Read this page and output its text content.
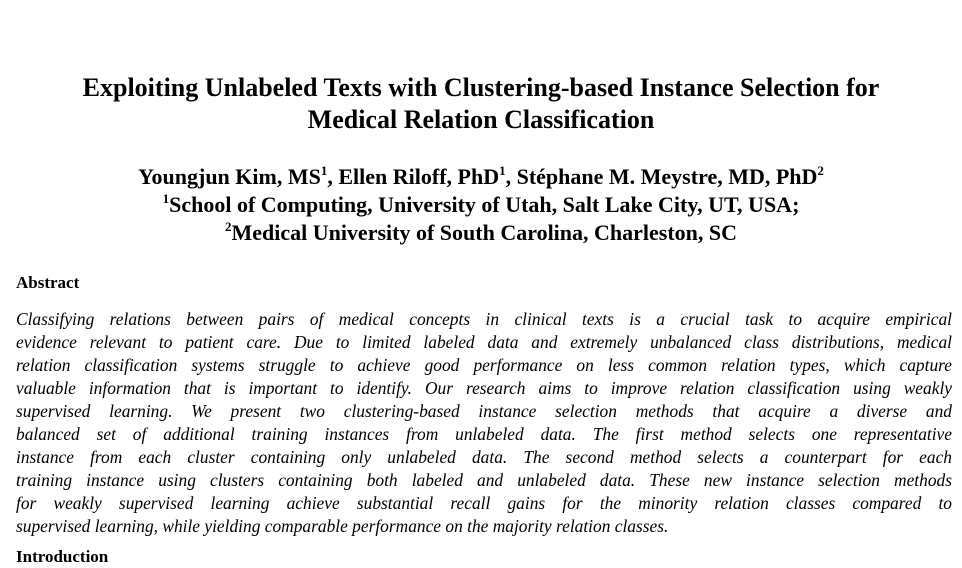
Exploiting Unlabeled Texts with Clustering-based Instance Selection for
Medical Relation Classification
Youngjun Kim, $MS^1$, Ellen Riloff, PhD$^1$, Stéphane M. Meystre, MD, PhD$^2$
$^1$School of Computing, University of Utah, Salt Lake City, UT, USA;
$^2$Medical University of South Carolina, Charleston, SC
Abstract
Classifying relations between pairs of medical concepts in clinical texts is a crucial task to acquire empirical
evidence relevant to patient care. Due to limited labeled data and extremely unbalanced class distributions, medical
relation classification systems struggle to achieve good performance on less common relation types, which capture
valuable information that is important to identify. Our research aims to improve relation classification using weakly
supervised learning. We present two clustering-based instance selection methods that acquire a diverse and
balanced set of additional training instances from unlabeled data. The first method selects one representative
instance from each cluster containing only unlabeled data. The second method selects a counterpart for each
training instance using clusters containing both labeled and unlabeled data. These new instance selection methods
for weakly supervised learning achieve substantial recall gains for the minority relation classes compared to
supervised learning, while yielding comparable performance on the majority relation classes.
Introduction
